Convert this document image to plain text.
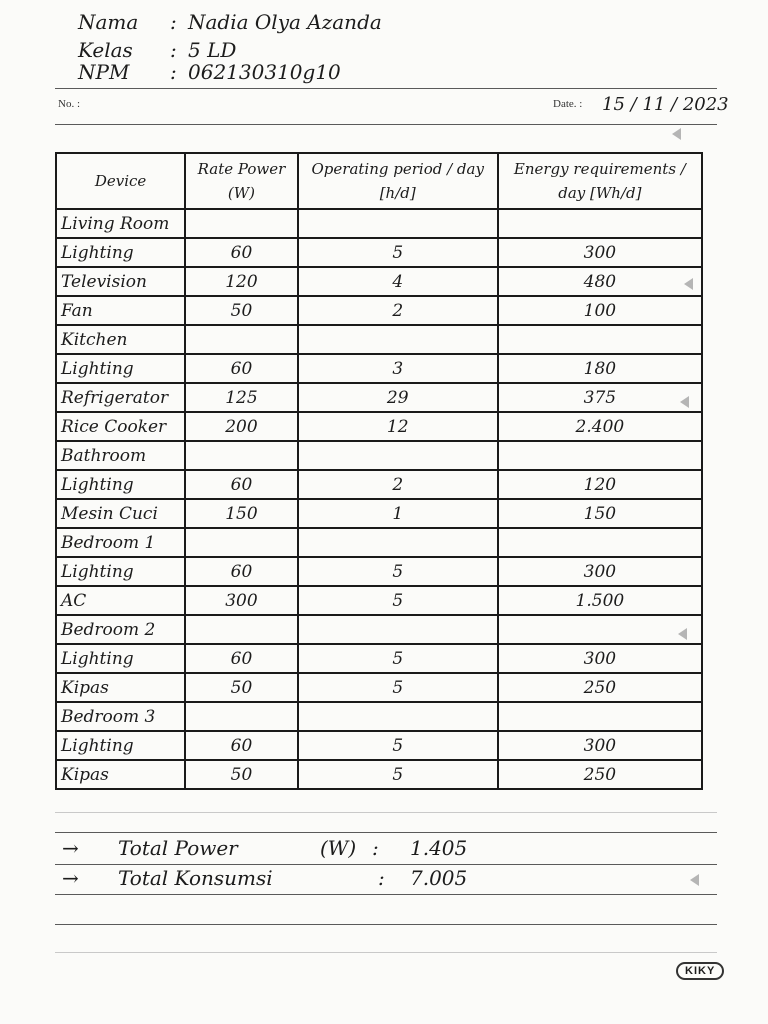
Nama : Nadia Olya Azanda
Kelas : 5 LD
NPM : 062130310g10
No. :	Date. : 15 / 11 / 2023
Device	Rate Power (W)	Operating period / day [h/d]	Energy requirements / day [Wh/d]
Living Room			
Lighting	60	5	300
Television	120	4	480
Fan	50	2	100
Kitchen			
Lighting	60	3	180
Refrigerator	125	29	375
Rice Cooker	200	12	2.400
Bathroom			
Lighting	60	2	120
Mesin Cuci	150	1	150
Bedroom 1			
Lighting	60	5	300
AC	300	5	1.500
Bedroom 2			
Lighting	60	5	300
Kipas	50	5	250
Bedroom 3			
Lighting	60	5	300
Kipas	50	5	250
→ Total Power	(W) : 1.405
→ Total Konsumsi	: 7.005
KIKY
